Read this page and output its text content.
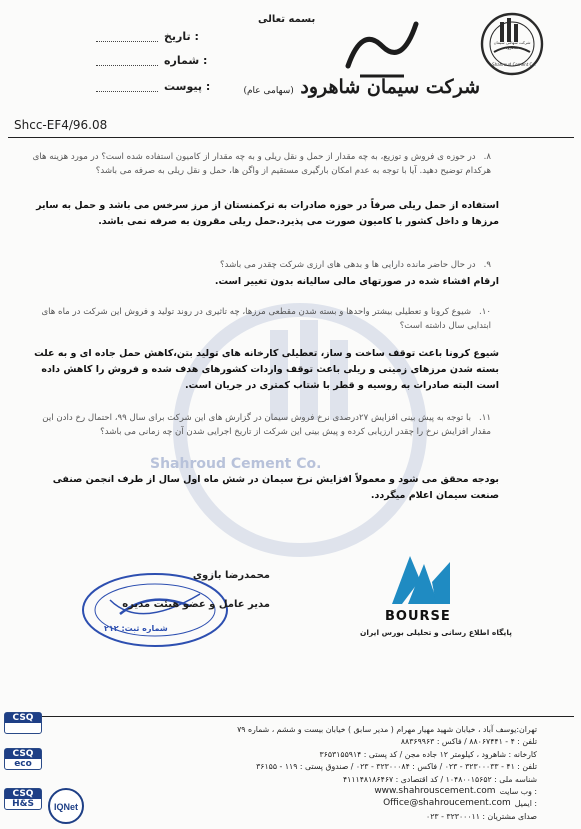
بسمه تعالی
تاریخ :
شماره :
پیوست :	شرکت سیمان شاهرود (سهامی عام)
شرکت سهامی سیمان شاهرود
Shahroud Cement Co.
Shcc-EF4/96.08
Shahroud Cement Co.
۸.در حوزه ی فروش و توزیع، به چه مقدار از حمل و نقل ریلی و به چه مقدار از کامیون استفاده شده است؟ در مورد هزینه های هرکدام توضیح دهید. آیا با توجه به عدم امکان بارگیری مستقیم از واگن ها، حمل و نقل ریلی به صرفه می باشد؟
استفاده از حمل ریلی صرفاً در حوزه صادرات به ترکمنستان از مرز سرخس می باشد و حمل به سایر مرزها و داخل کشور با کامیون صورت می پذیرد.حمل ریلی مقرون به صرفه نمی باشد.
۹.در حال حاضر مانده دارایی ها و بدهی های ارزی شرکت چقدر می باشد؟
ارقام افشاء شده در صورتهای مالی سالیانه بدون تغییر است.
۱۰.شیوع کرونا و تعطیلی بیشتر واحدها و بسته شدن مقطعی مرزها، چه تاثیری در روند تولید و فروش این شرکت در ماه های ابتدایی سال داشته است؟
شیوع کرونا باعث توقف ساخت و ساز، تعطیلی کارخانه های تولید بتن،کاهش حمل جاده ای و به علت بسته شدن مرزهای زمینی و ریلی باعث توقف واردات کشورهای هدف شده و فروش را کاهش داده است البته صادرات به روسیه و قطر با شتاب کمتری در جریان است.
۱۱.با توجه به پیش بینی افزایش ۲۷درصدی نرخ فروش سیمان در گزارش های این شرکت برای سال ۹۹، احتمال رخ دادن این مقدار افزایش نرخ را چقدر ارزیابی کرده و پیش بینی این شرکت از تاریخ اجرایی شدن آن چه زمانی می باشد؟
بودجه محقق می شود و معمولاً افزایش نرخ سیمان در شش ماه اول سال از طرف انجمن صنفی صنعت سیمان اعلام میگردد.
محمدرضا بازوی
مدیر عامل و عضو هیئت مدیره
شماره ثبت: ۲۱۲
BOURSE
پایگاه اطلاع رسانی و تحلیلی بورس ایران
CSQ
CSQ
eco
CSQ
H&S	IQNet
تهران:یوسف آباد ، خیابان شهید مهیار مهرام ( مدیر سابق ) خیابان بیست و ششم ، شماره ۷۹
تلفن : ۴ - ۸۸۰۶۷۴۴۱ / فاکس : ۸۸۳۶۹۹۶۳
کارخانه : شاهرود ، کیلومتر ۱۲ جاده مجن / کد پستی : ۳۶۵۳۱۵۵۹۱۴
تلفن : ۴۱ - ۳۲۳۰۰۰۳۳ - ۰۲۳ / فاکس : ۳۲۳۰۰۰۸۴ - ۰۲۳ / صندوق پستی : ۱۱۹ - ۳۶۱۵۵
شناسه ملی : ۱۰۴۸۰۰۱۵۶۵۲ / کد اقتصادی : ۴۱۱۱۴۸۱۸۶۴۶۷
www.shahrouscement.com وب سایت :
Office@shahroucement.com ایمیل :
صدای مشتریان : ۳۲۳۰۰۰۱۱ - ۰۲۳
